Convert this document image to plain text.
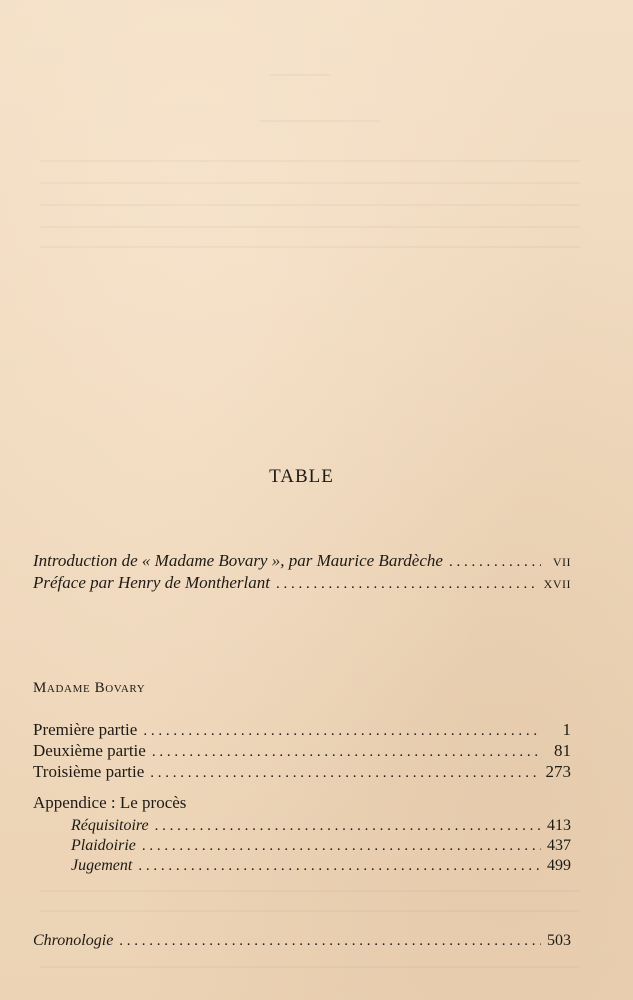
TABLE
Introduction de « Madame Bovary », par Maurice Bardèche . . .	vii
Préface par Henry de Montherlant . . .	xvii
Madame Bovary
Première partie . . .	1
Deuxième partie . . .	81
Troisième partie . . .	273
Appendice : Le procès
Réquisitoire . . .	413
Plaidoirie . . .	437
Jugement . . .	499
Chronologie . . .	503
